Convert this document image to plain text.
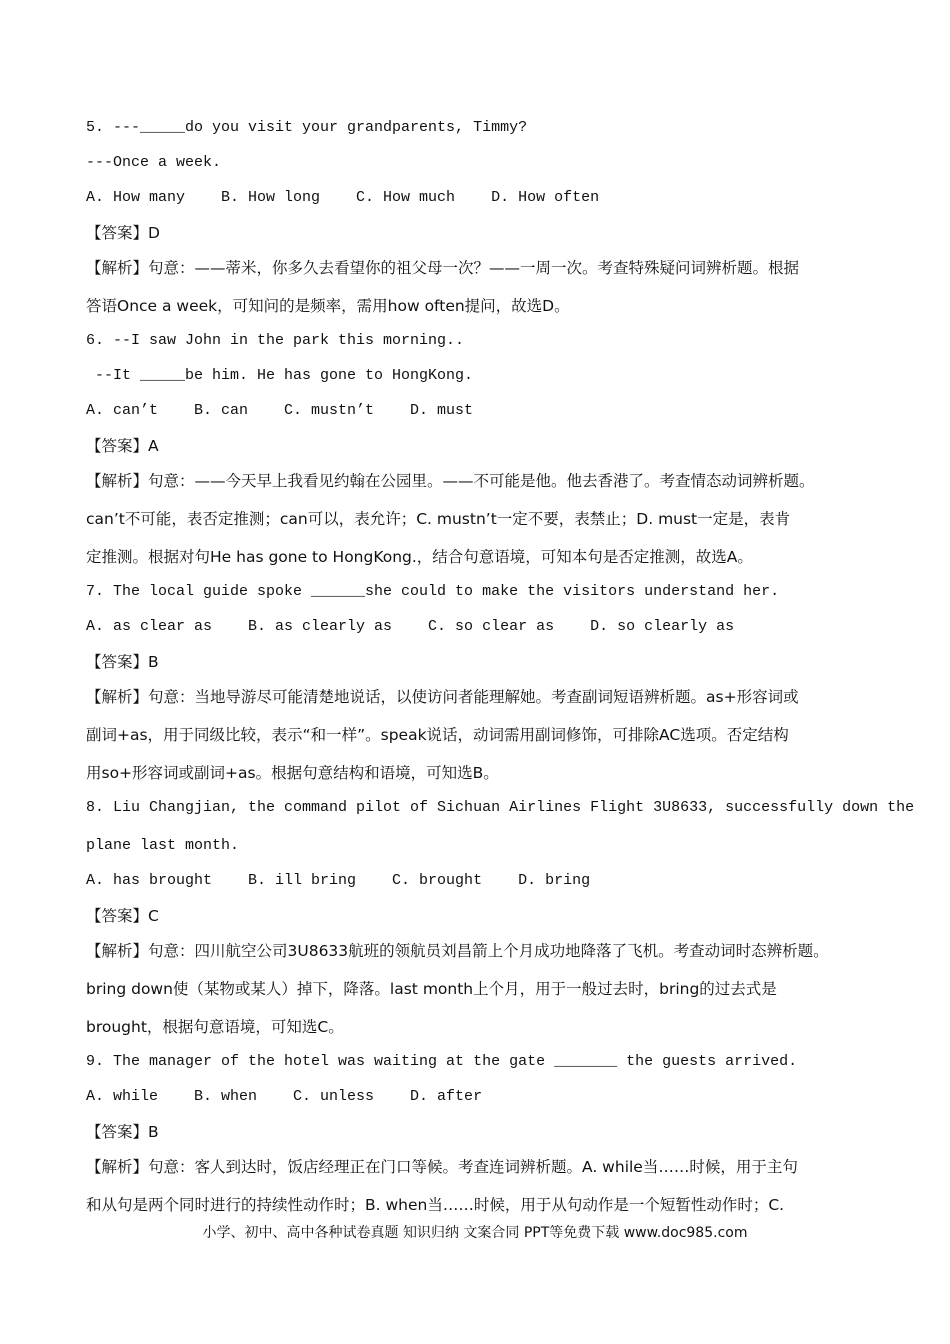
5. ---_____do you visit your grandparents, Timmy?
---Once a week.
A. How many    B. How long    C. How much    D. How often
【答案】D
【解析】句意：——蒂米，你多久去看望你的祖父母一次？——一周一次。考查特殊疑问词辨析题。根据
答语Once a week，可知问的是频率，需用how often提问，故选D。
6. --I saw John in the park this morning..
--It _____be him. He has gone to HongKong.
A. can’t    B. can    C. mustn’t    D. must
【答案】A
【解析】句意：——今天早上我看见约翰在公园里。——不可能是他。他去香港了。考查情态动词辨析题。
can’t不可能，表否定推测；can可以，表允许；C. mustn’t一定不要，表禁止；D. must一定是，表肯
定推测。根据对句He has gone to HongKong.，结合句意语境，可知本句是否定推测，故选A。
7. The local guide spoke ______she could to make the visitors understand her.
A. as clear as    B. as clearly as    C. so clear as    D. so clearly as
【答案】B
【解析】句意：当地导游尽可能清楚地说话，以使访问者能理解她。考查副词短语辨析题。as+形容词或
副词+as，用于同级比较，表示“和一样”。speak说话，动词需用副词修饰，可排除AC选项。否定结构
用so+形容词或副词+as。根据句意结构和语境，可知选B。
8. Liu Changjian, the command pilot of Sichuan Airlines Flight 3U8633, successfully down the
plane last month.
A. has brought    B. ill bring    C. brought    D. bring
【答案】C
【解析】句意：四川航空公司3U8633航班的领航员刘昌箭上个月成功地降落了飞机。考查动词时态辨析题。
bring down使（某物或某人）掉下，降落。last month上个月，用于一般过去时，bring的过去式是
brought，根据句意语境，可知选C。
9. The manager of the hotel was waiting at the gate _______ the guests arrived.
A. while    B. when    C. unless    D. after
【答案】B
【解析】句意：客人到达时，饭店经理正在门口等候。考查连词辨析题。A. while当……时候，用于主句
和从句是两个同时进行的持续性动作时；B. when当……时候，用于从句动作是一个短暂性动作时；C.
小学、初中、高中各种试卷真题 知识归纳 文案合同 PPT等免费下载 www.doc985.com
